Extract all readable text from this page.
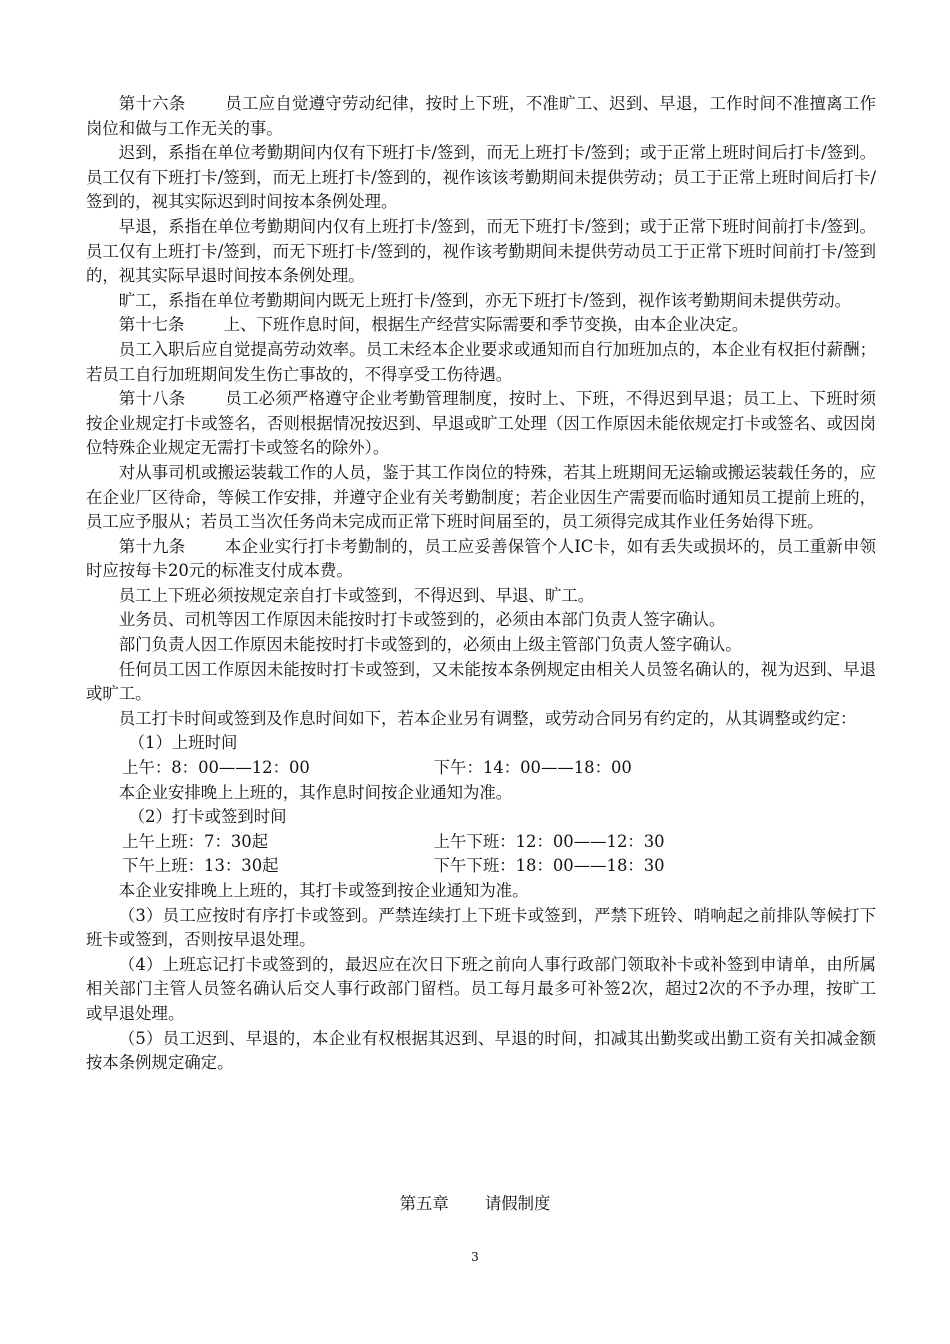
第十六条 员工应自觉遵守劳动纪律，按时上下班，不准旷工、迟到、早退，工作时间不准擅离工作岗位和做与工作无关的事。

迟到，系指在单位考勤期间内仅有下班打卡/签到，而无上班打卡/签到；或于正常上班时间后打卡/签到。员工仅有下班打卡/签到，而无上班打卡/签到的，视作该该考勤期间未提供劳动；员工于正常上班时间后打卡/签到的，视其实际迟到时间按本条例处理。

早退，系指在单位考勤期间内仅有上班打卡/签到，而无下班打卡/签到；或于正常下班时间前打卡/签到。员工仅有上班打卡/签到，而无下班打卡/签到的，视作该考勤期间未提供劳动员工于正常下班时间前打卡/签到的，视其实际早退时间按本条例处理。

旷工，系指在单位考勤期间内既无上班打卡/签到，亦无下班打卡/签到，视作该考勤期间未提供劳动。

第十七条 上、下班作息时间，根据生产经营实际需要和季节变换，由本企业决定。

员工入职后应自觉提高劳动效率。员工未经本企业要求或通知而自行加班加点的，本企业有权拒付薪酬；若员工自行加班期间发生伤亡事故的，不得享受工伤待遇。

第十八条 员工必须严格遵守企业考勤管理制度，按时上、下班，不得迟到早退；员工上、下班时须按企业规定打卡或签名，否则根据情况按迟到、早退或旷工处理（因工作原因未能依规定打卡或签名、或因岗位特殊企业规定无需打卡或签名的除外）。

对从事司机或搬运装载工作的人员，鉴于其工作岗位的特殊，若其上班期间无运输或搬运装载任务的，应在企业厂区待命，等候工作安排，并遵守企业有关考勤制度；若企业因生产需要而临时通知员工提前上班的，员工应予服从；若员工当次任务尚未完成而正常下班时间届至的，员工须得完成其作业任务始得下班。

第十九条 本企业实行打卡考勤制的，员工应妥善保管个人IC卡，如有丢失或损坏的，员工重新申领时应按每卡20元的标准支付成本费。

员工上下班必须按规定亲自打卡或签到，不得迟到、早退、旷工。

业务员、司机等因工作原因未能按时打卡或签到的，必须由本部门负责人签字确认。

部门负责人因工作原因未能按时打卡或签到的，必须由上级主管部门负责人签字确认。

任何员工因工作原因未能按时打卡或签到，又未能按本条例规定由相关人员签名确认的，视为迟到、早退或旷工。

员工打卡时间或签到及作息时间如下，若本企业另有调整，或劳动合同另有约定的，从其调整或约定：

（1）上班时间

上午：8：00——12：00	下午：14：00——18：00

本企业安排晚上上班的，其作息时间按企业通知为准。

（2）打卡或签到时间

上午上班：7：30起	上午下班：12：00——12：30
下午上班：13：30起	下午下班：18：00——18：30

本企业安排晚上上班的，其打卡或签到按企业通知为准。

（3）员工应按时有序打卡或签到。严禁连续打上下班卡或签到，严禁下班铃、哨响起之前排队等候打下班卡或签到，否则按早退处理。

（4）上班忘记打卡或签到的，最迟应在次日下班之前向人事行政部门领取补卡或补签到申请单，由所属相关部门主管人员签名确认后交人事行政部门留档。员工每月最多可补签2次，超过2次的不予办理，按旷工或早退处理。

（5）员工迟到、早退的，本企业有权根据其迟到、早退的时间，扣减其出勤奖或出勤工资有关扣减金额按本条例规定确定。

第五章 请假制度
3
